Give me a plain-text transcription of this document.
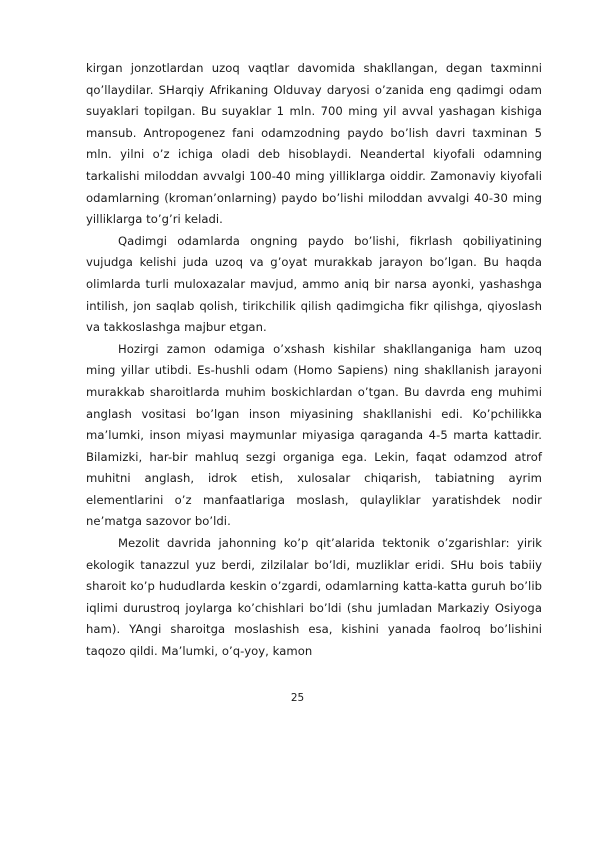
kirgan jonzotlardan uzoq vaqtlar davomida shakllangan, degan taxminni qo’llaydilar. SHarqiy Afrikaning Olduvay daryosi o’zanida eng qadimgi odam suyaklari topilgan. Bu suyaklar 1 mln. 700 ming yil avval yashagan kishiga mansub. Antropogenez fani odamzodning paydo bo’lish davri taxminan 5 mln. yilni o’z ichiga oladi deb hisoblaydi. Neandertal kiyofali odamning tarkalishi miloddan avvalgi 100-40 ming yilliklarga oiddir. Zamonaviy kiyofali odamlarning (kroman’onlarning) paydo bo’lishi miloddan avvalgi 40-30 ming yilliklarga to’g’ri keladi.

Qadimgi odamlarda ongning paydo bo’lishi, fikrlash qobiliyatining vujudga kelishi juda uzoq va g’oyat murakkab jarayon bo’lgan. Bu haqda olimlarda turli muloxazalar mavjud, ammo aniq bir narsa ayonki, yashashga intilish, jon saqlab qolish, tirikchilik qilish qadimgicha fikr qilishga, qiyoslash va takkoslashga majbur etgan.

Hozirgi zamon odamiga o’xshash kishilar shakllanganiga ham uzoq ming yillar utibdi. Es-hushli odam (Homo Sapiens) ning shakllanish jarayoni murakkab sharoitlarda muhim boskichlardan o’tgan. Bu davrda eng muhimi anglash vositasi bo’lgan inson miyasining shakllanishi edi. Ko’pchilikka ma’lumki, inson miyasi maymunlar miyasiga qaraganda 4-5 marta kattadir. Bilamizki, har-bir mahluq sezgi organiga ega. Lekin, faqat odamzod atrof muhitni anglash, idrok etish, xulosalar chiqarish, tabiatning ayrim elementlarini o’z manfaatlariga moslash, qulayliklar yaratishdek nodir ne’matga sazovor bo’ldi.

Mezolit davrida jahonning ko’p qit’alarida tektonik o’zgarishlar: yirik ekologik tanazzul yuz berdi, zilzilalar bo’ldi, muzliklar eridi. SHu bois tabiiy sharoit ko’p hududlarda keskin o’zgardi, odamlarning katta-katta guruh bo’lib iqlimi durustroq joylarga ko’chishlari bo’ldi (shu jumladan Markaziy Osiyoga ham). YAngi sharoitga moslashish esa, kishini yanada faolroq bo’lishini taqozo qildi. Ma’lumki, o’q-yoy, kamon

25
